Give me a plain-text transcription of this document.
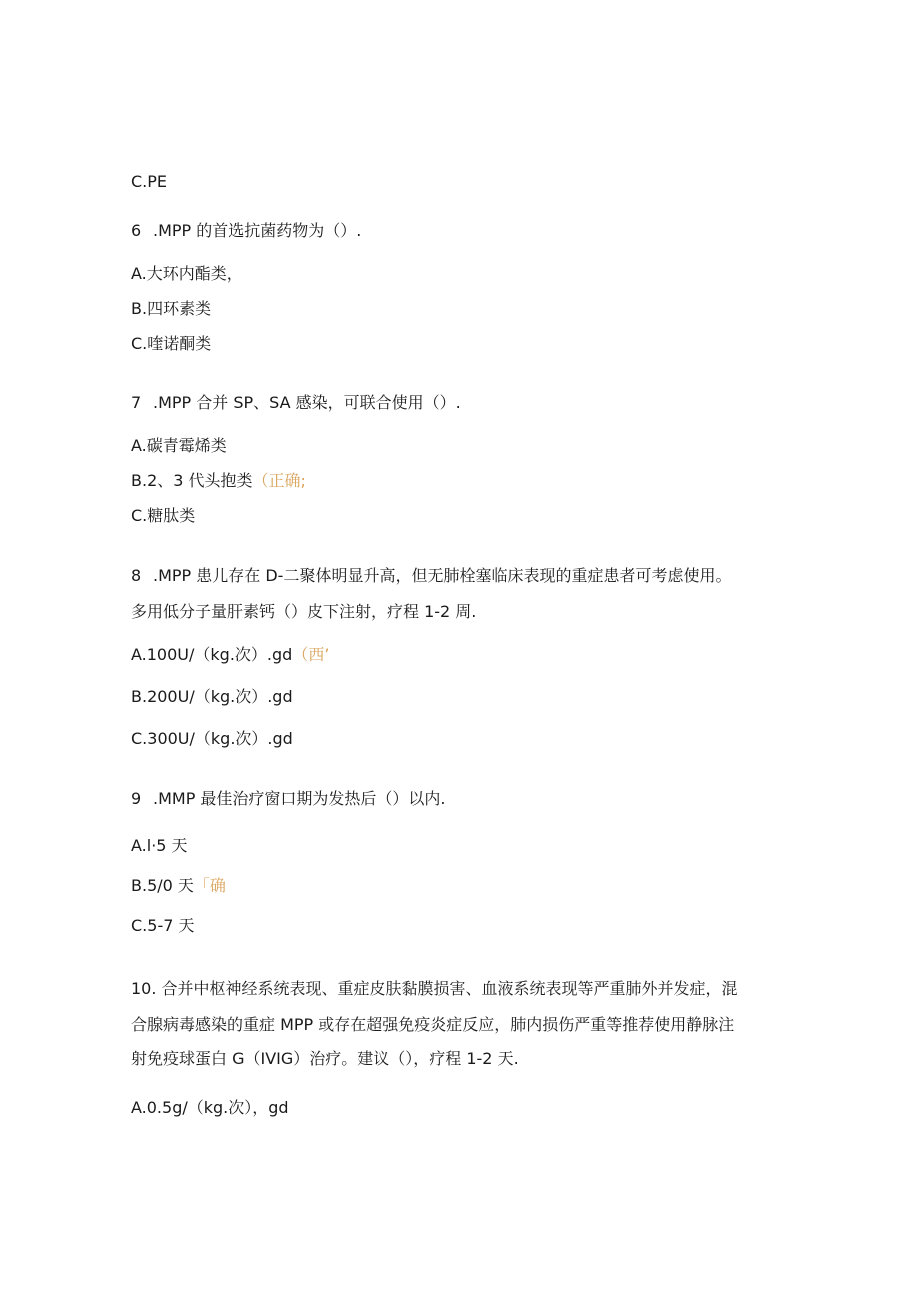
C.PE
6 .MPP 的首选抗菌药物为（）.
A.大环内酯类，
B.四环素类
C.喹诺酮类
7 .MPP 合并 SP、SA 感染，可联合使用（）.
A.碳青霉烯类
B.2、3 代头抱类（正确;
C.糖肽类
8 .MPP 患儿存在 D-二聚体明显升高，但无肺栓塞临床表现的重症患者可考虑使用。
多用低分子量肝素钙（）皮下注射，疗程 1-2 周.
A.100U/（kg.次）.gd（西’
B.200U/（kg.次）.gd
C.300U/（kg.次）.gd
9 .MMP 最佳治疗窗口期为发热后（）以内.
A.l·5 天
B.5/0 天「确
C.5-7 天
10. 合并中枢神经系统表现、重症皮肤黏膜损害、血液系统表现等严重肺外并发症，混
合腺病毒感染的重症 MPP 或存在超强免疫炎症反应，肺内损伤严重等推荐使用静脉注
射免疫球蛋白 G（IVIG）治疗。建议（），疗程 1-2 天.
A.0.5g/（kg.次），gd
